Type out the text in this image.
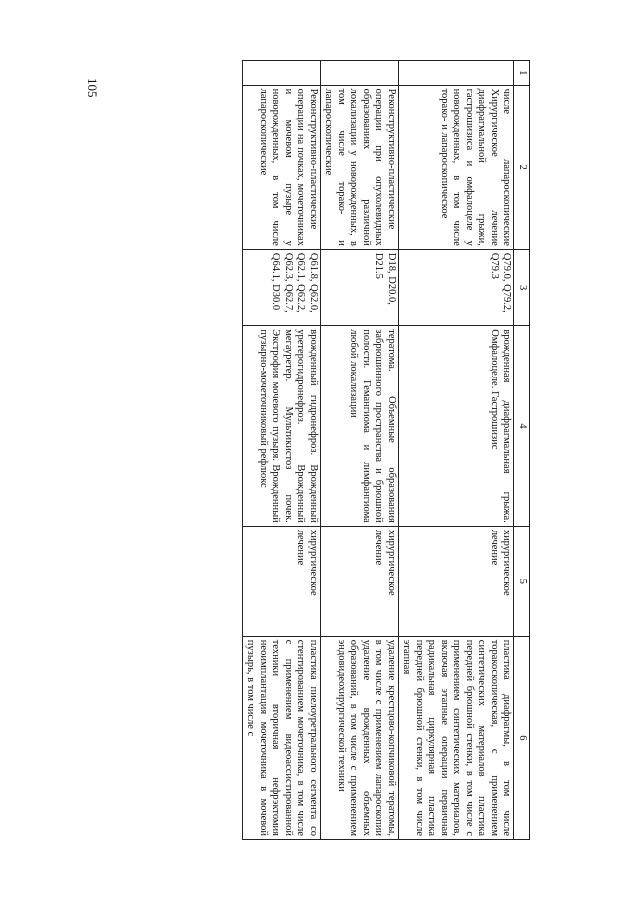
105
1	2	3	4	5	6
	числе лапароскопические Хирургическое лечение диафрагмальной грыжи, гастрошизиса и омфалоцеле у новорожденных, в том числе торако- и лапароскопическое	Q79.0, Q79.2, Q79.3	врожденная диафрагмальная грыжа. Омфалоцеле. Гастрошизис	хирургическое лечение	пластика диафрагмы, в том числе торакоскопическая, с применением синтетических материалов пластика передней брюшной стенки, в том числе с применением синтетических материалов, включая этапные операции первичная радикальная циркулярная пластика передней брюшной стенки, в том числе этапная
	Реконструктивно-пластические операции при опухолевидных образованиях различной локализации у новорожденных, в том числе торако- и лапароскопические	D18, D20.0, D21.5	тератома. Объемные образования забрюшинного пространства и брюшной полости. Гемангиома и лимфангиома любой локализации	хирургическое лечение	удаление крестцово-копчиковой тератомы, в том числе с применением лапароскопии удаление врожденных объемных образований, в том числе с применением эндовидеохирургической техники
	Реконструктивно-пластические операции на почках, мочеточниках и мочевом пузыре у новорожденных, в том числе лапароскопические	Q61.8, Q62.0, Q62.1, Q62.2, Q62.3, Q62.7, Q64.1, D30.0	врожденный гидронефроз. Врожденный уретерогидронефроз. Врожденный мегауретер. Мультикистоз почек. Экстрофия мочевого пузыря. Врожденный пузырно-мочеточниковый рефлюкс	хирургическое лечение	пластика пиелоуретрального сегмента со стентированием мочеточника, в том числе с применением видеоассистированной техники вторичная нефрэктомия неоимплантация мочеточника в мочевой пузырь, в том числе с
